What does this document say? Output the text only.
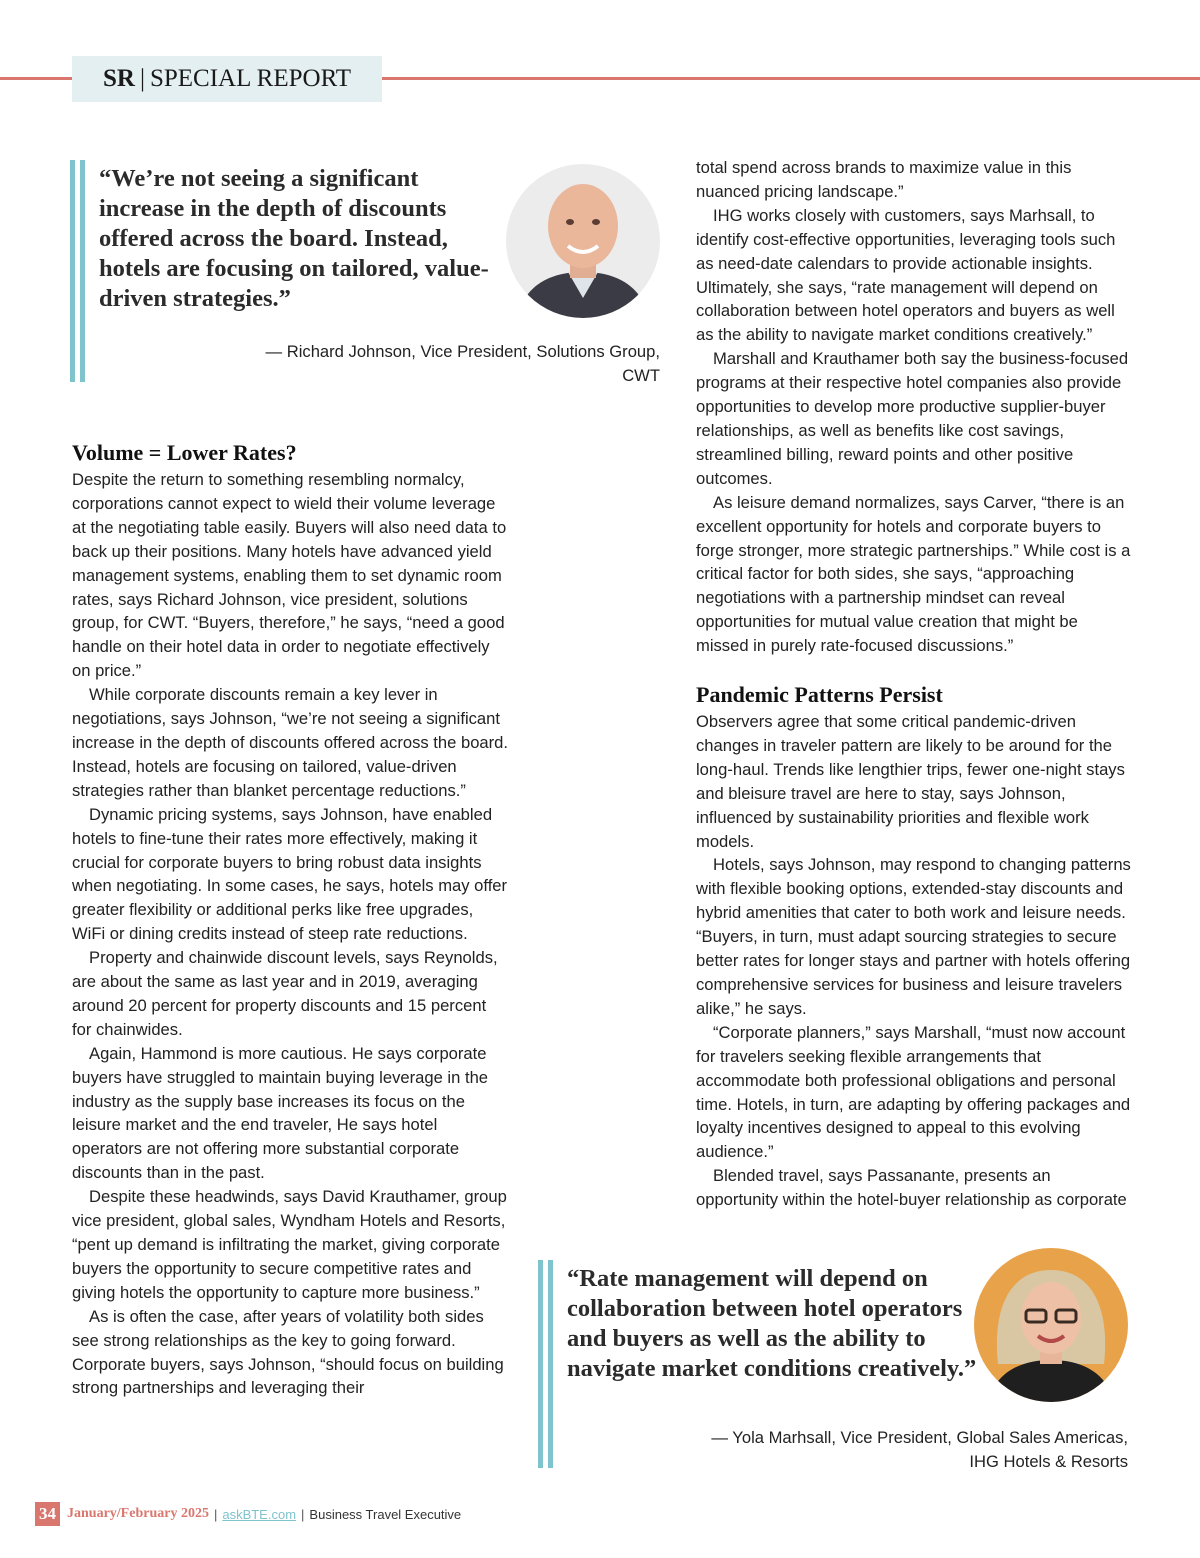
SR | SPECIAL REPORT
“We’re not seeing a significant increase in the depth of discounts offered across the board. Instead, hotels are focusing on tailored, value-driven strategies.”
— Richard Johnson, Vice President, Solutions Group,
CWT
Volume = Lower Rates?

Despite the return to something resembling normalcy, corporations cannot expect to wield their volume leverage at the negotiating table easily. Buyers will also need data to back up their positions. Many hotels have advanced yield management systems, enabling them to set dynamic room rates, says Richard Johnson, vice president, solutions group, for CWT. “Buyers, therefore,” he says, “need a good handle on their hotel data in order to negotiate effectively on price.”

While corporate discounts remain a key lever in negotiations, says Johnson, “we’re not seeing a significant increase in the depth of discounts offered across the board. Instead, hotels are focusing on tailored, value-driven strategies rather than blanket percentage reductions.”

Dynamic pricing systems, says Johnson, have enabled hotels to fine-tune their rates more effectively, making it crucial for corporate buyers to bring robust data insights when negotiating. In some cases, he says, hotels may offer greater flexibility or additional perks like free upgrades, WiFi or dining credits instead of steep rate reductions.

Property and chainwide discount levels, says Reynolds, are about the same as last year and in 2019, averaging around 20 percent for property discounts and 15 percent for chainwides.

Again, Hammond is more cautious. He says corporate buyers have struggled to maintain buying leverage in the industry as the supply base increases its focus on the leisure market and the end traveler, He says hotel operators are not offering more substantial corporate discounts than in the past.

Despite these headwinds, says David Krauthamer, group vice president, global sales, Wyndham Hotels and Resorts, “pent up demand is infiltrating the market, giving corporate buyers the opportunity to secure competitive rates and giving hotels the opportunity to capture more business.”

As is often the case, after years of volatility both sides see strong relationships as the key to going forward. Corporate buyers, says Johnson, “should focus on building strong partnerships and leveraging their

total spend across brands to maximize value in this nuanced pricing landscape.”

IHG works closely with customers, says Marhsall, to identify cost-effective opportunities, leveraging tools such as need-date calendars to provide actionable insights. Ultimately, she says, “rate management will depend on collaboration between hotel operators and buyers as well as the ability to navigate market conditions creatively.”

Marshall and Krauthamer both say the business-focused programs at their respective hotel companies also provide opportunities to develop more productive supplier-buyer relationships, as well as benefits like cost savings, streamlined billing, reward points and other positive outcomes.

As leisure demand normalizes, says Carver, “there is an excellent opportunity for hotels and corporate buyers to forge stronger, more strategic partnerships.” While cost is a critical factor for both sides, she says, “approaching negotiations with a partnership mindset can reveal opportunities for mutual value creation that might be missed in purely rate-focused discussions.”

Pandemic Patterns Persist

Observers agree that some critical pandemic-driven changes in traveler pattern are likely to be around for the long-haul. Trends like lengthier trips, fewer one-night stays and bleisure travel are here to stay, says Johnson, influenced by sustainability priorities and flexible work models.

Hotels, says Johnson, may respond to changing patterns with flexible booking options, extended-stay discounts and hybrid amenities that cater to both work and leisure needs. “Buyers, in turn, must adapt sourcing strategies to secure better rates for longer stays and partner with hotels offering comprehensive services for business and leisure travelers alike,” he says.

“Corporate planners,” says Marshall, “must now account for travelers seeking flexible arrangements that accommodate both professional obligations and personal time. Hotels, in turn, are adapting by offering packages and loyalty incentives designed to appeal to this evolving audience.”

Blended travel, says Passanante, presents an opportunity within the hotel-buyer relationship as corporate

“Rate management will depend on collaboration between hotel operators and buyers as well as the ability to navigate market conditions creatively.”
— Yola Marhsall, Vice President, Global Sales Americas,
IHG Hotels & Resorts
34 January/February 2025 | askBTE.com | Business Travel Executive
